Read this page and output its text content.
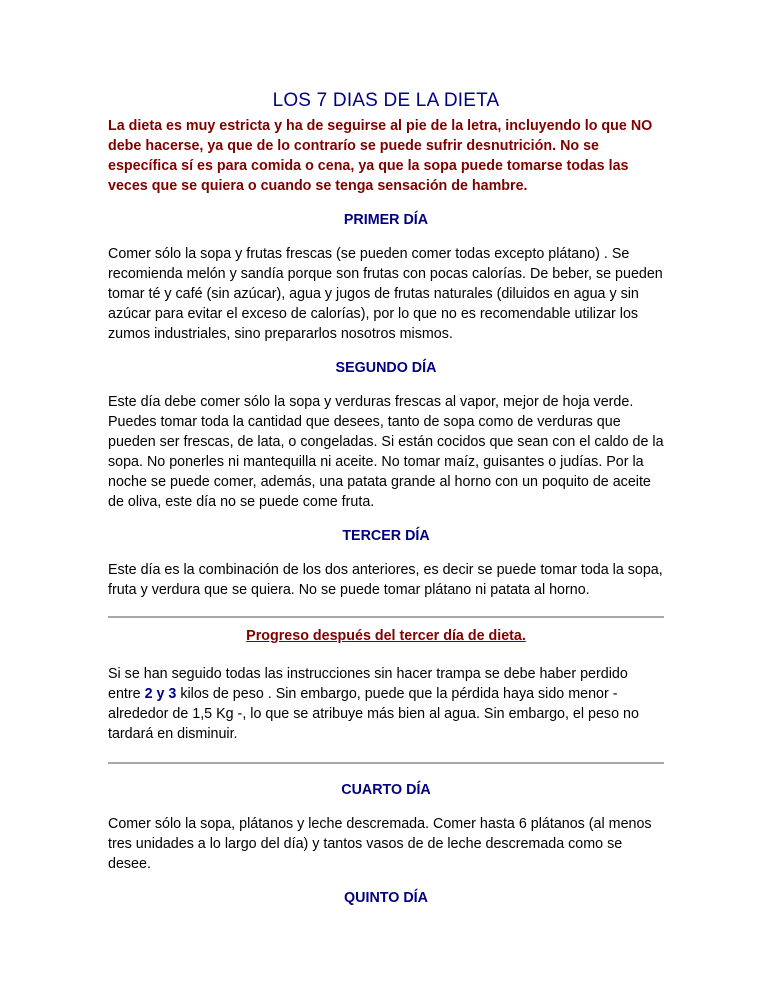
LOS 7 DIAS DE LA DIETA

La dieta es muy estricta y ha de seguirse al pie de la letra, incluyendo lo que NO debe hacerse, ya que de lo contrarío se puede sufrir desnutrición. No se específica sí es para comida o cena, ya que la sopa puede tomarse todas las veces que se quiera o cuando se tenga sensación de hambre.

PRIMER DÍA

Comer sólo la sopa y frutas frescas (se pueden comer todas excepto plátano) . Se recomienda melón y sandía porque son frutas con pocas calorías. De beber, se pueden tomar té y café (sin azúcar), agua y jugos de frutas naturales (diluidos en agua y sin azúcar para evitar el exceso de calorías), por lo que no es recomendable utilizar los zumos industriales, sino prepararlos nosotros mismos.

SEGUNDO DÍA

Este día debe comer sólo la sopa y verduras frescas al vapor, mejor de hoja verde. Puedes tomar toda la cantidad que desees, tanto de sopa como de verduras que pueden ser frescas, de lata, o congeladas. Si están cocidos que sean con el caldo de la sopa. No ponerles ni mantequilla ni aceite. No tomar maíz, guisantes o judías. Por la noche se puede comer, además, una patata grande al horno con un poquito de aceite de oliva, este día no se puede come fruta.

TERCER DÍA

Este día es la combinación de los dos anteriores, es decir se puede tomar toda la sopa, fruta y verdura que se quiera. No se puede tomar plátano ni patata al horno.

Progreso después del tercer día de dieta.

Si se han seguido todas las instrucciones sin hacer trampa se debe haber perdido entre 2 y 3 kilos de peso . Sin embargo, puede que la pérdida haya sido menor - alrededor de 1,5 Kg -, lo que se atribuye más bien al agua. Sin embargo, el peso no tardará en disminuir.

CUARTO DÍA

Comer sólo la sopa, plátanos y leche descremada. Comer hasta 6 plátanos (al menos tres unidades a lo largo del día) y tantos vasos de de leche descremada como se desee.

QUINTO DÍA
